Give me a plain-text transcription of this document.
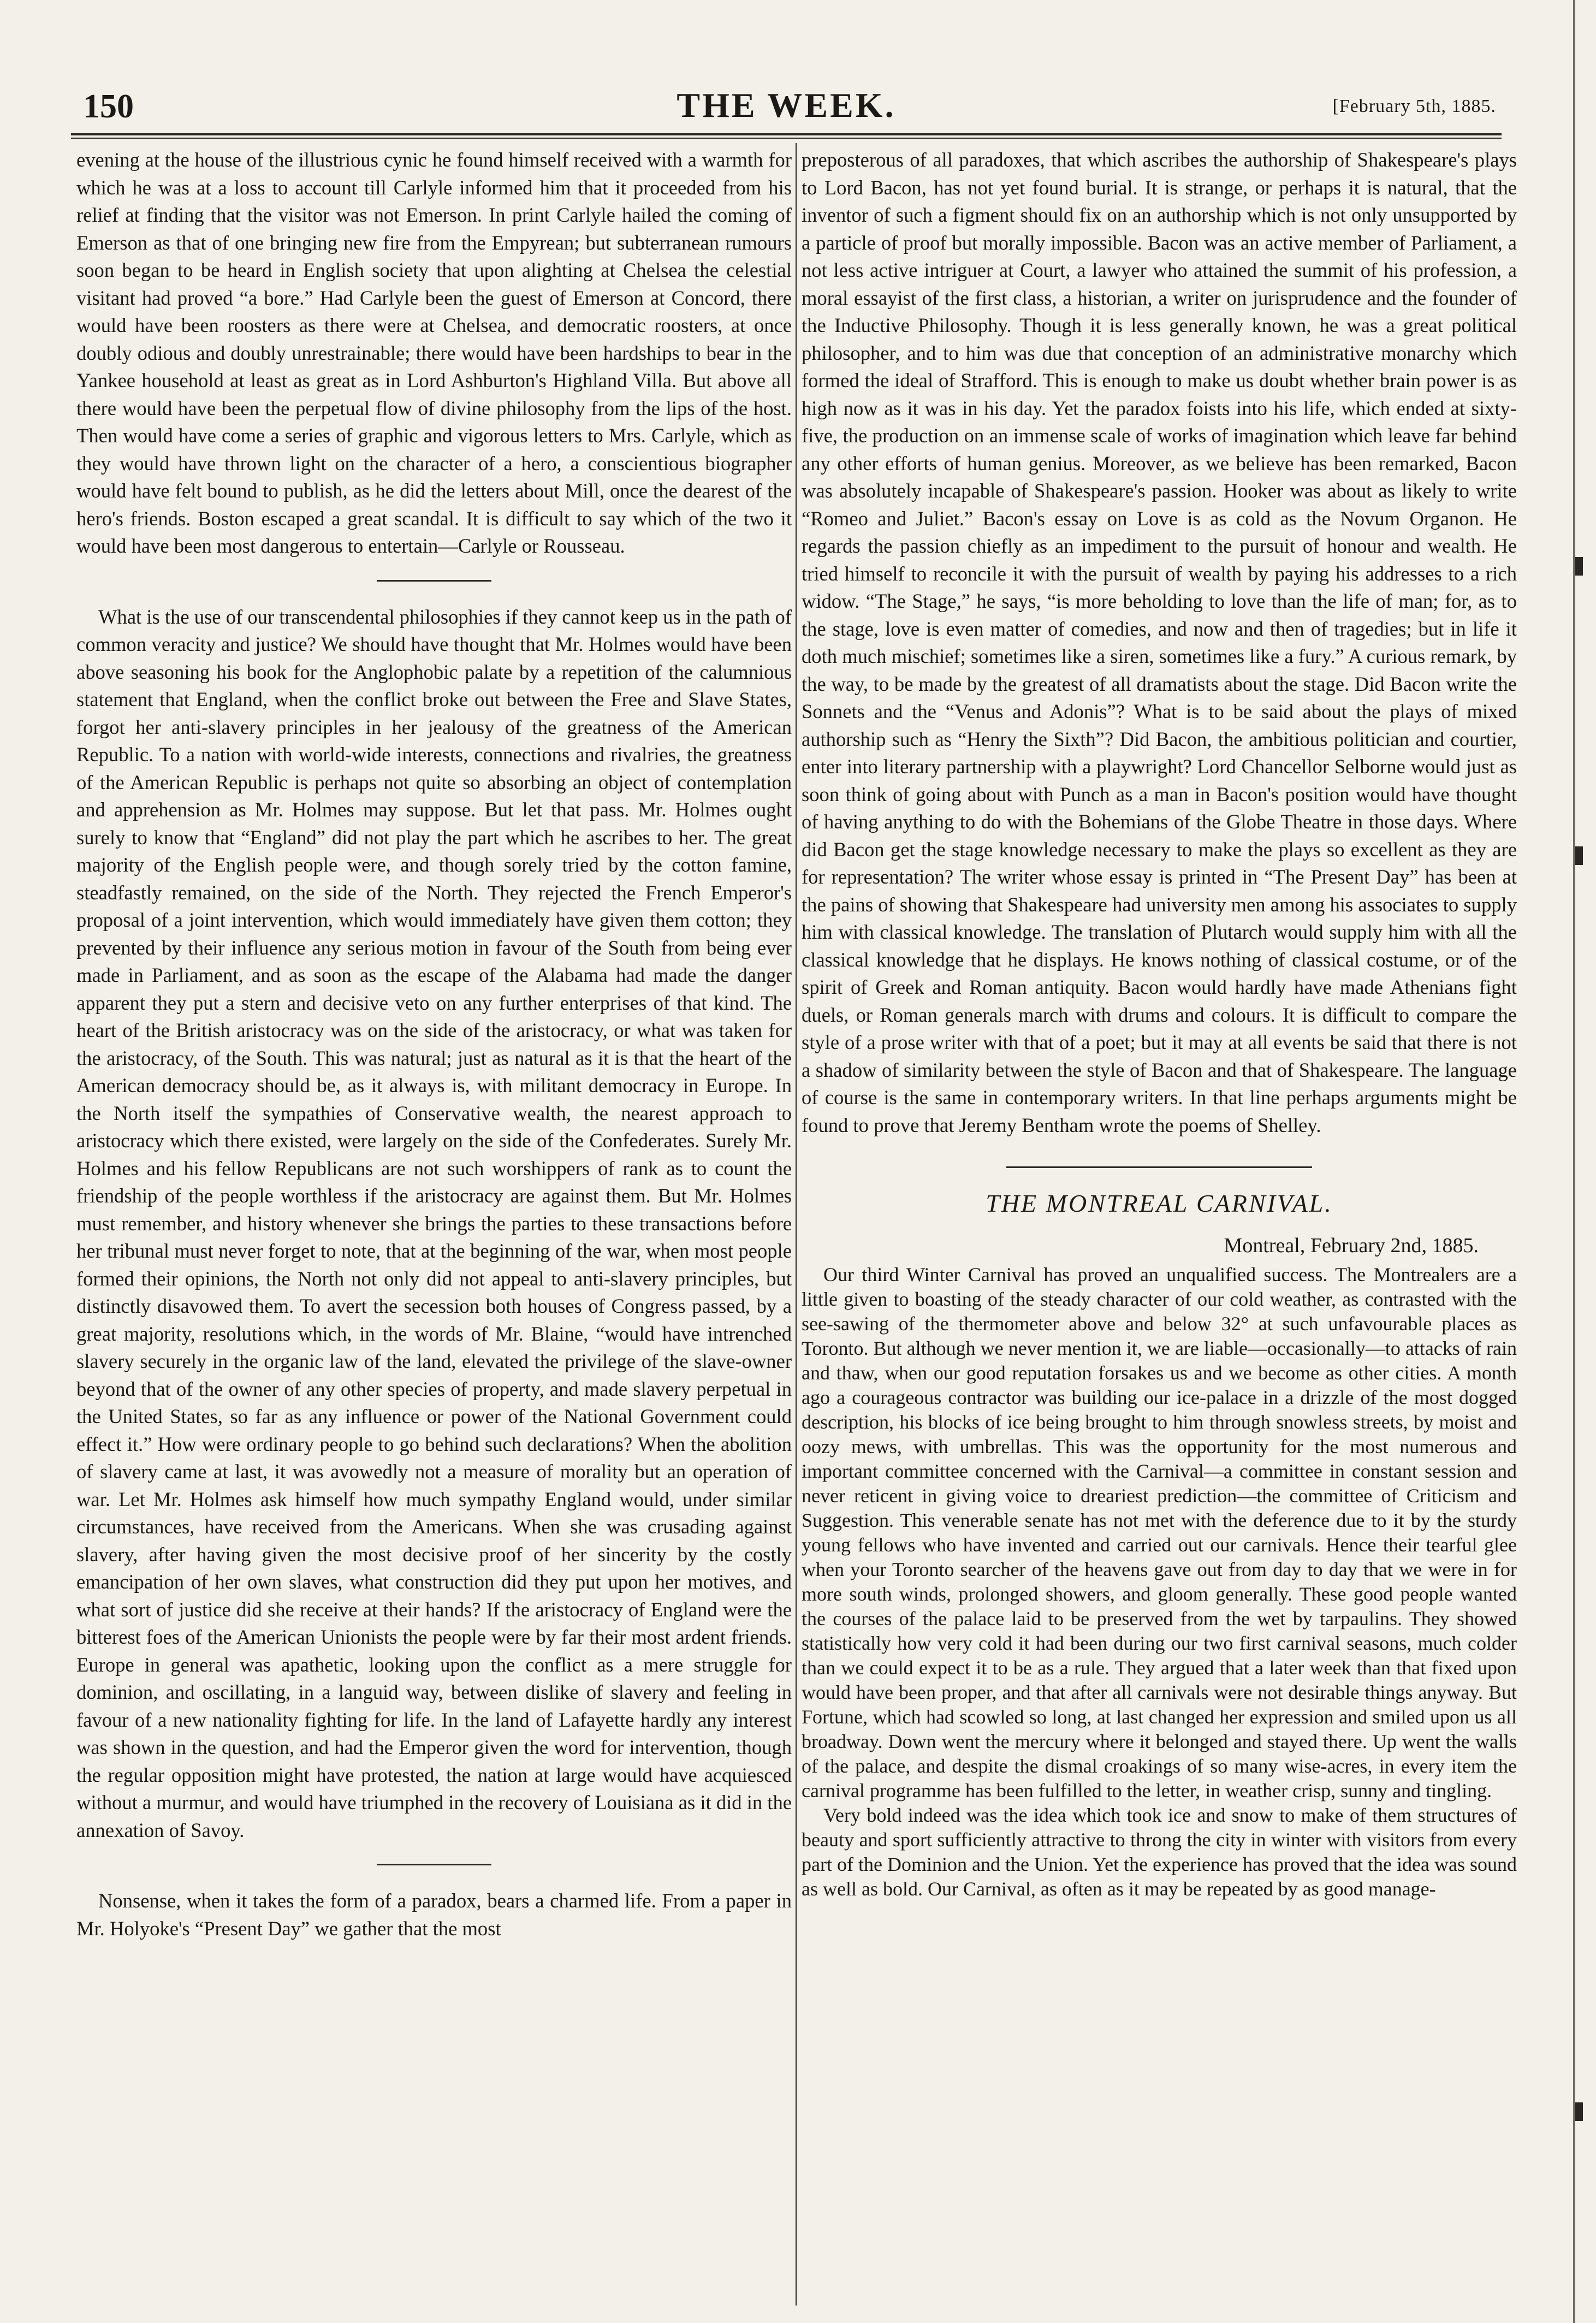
150	THE WEEK.	[February 5th, 1885.

evening at the house of the illustrious cynic he found himself received with a warmth for which he was at a loss to account till Carlyle informed him that it proceeded from his relief at finding that the visitor was not Emerson. In print Carlyle hailed the coming of Emerson as that of one bringing new fire from the Empyrean; but subterranean rumours soon began to be heard in English society that upon alighting at Chelsea the celestial visitant had proved “a bore.” Had Carlyle been the guest of Emerson at Concord, there would have been roosters as there were at Chelsea, and democratic roosters, at once doubly odious and doubly unrestrainable; there would have been hardships to bear in the Yankee household at least as great as in Lord Ashburton's Highland Villa. But above all there would have been the perpetual flow of divine philosophy from the lips of the host. Then would have come a series of graphic and vigorous letters to Mrs. Carlyle, which as they would have thrown light on the character of a hero, a conscientious biographer would have felt bound to publish, as he did the letters about Mill, once the dearest of the hero's friends. Boston escaped a great scandal. It is difficult to say which of the two it would have been most dangerous to entertain—Carlyle or Rousseau.

What is the use of our transcendental philosophies if they cannot keep us in the path of common veracity and justice? We should have thought that Mr. Holmes would have been above seasoning his book for the Anglophobic palate by a repetition of the calumnious statement that England, when the conflict broke out between the Free and Slave States, forgot her anti-slavery principles in her jealousy of the greatness of the American Republic. To a nation with world-wide interests, connections and rivalries, the greatness of the American Republic is perhaps not quite so absorbing an object of contemplation and apprehension as Mr. Holmes may suppose. But let that pass. Mr. Holmes ought surely to know that “England” did not play the part which he ascribes to her. The great majority of the English people were, and though sorely tried by the cotton famine, steadfastly remained, on the side of the North. They rejected the French Emperor's proposal of a joint intervention, which would immediately have given them cotton; they prevented by their influence any serious motion in favour of the South from being ever made in Parliament, and as soon as the escape of the Alabama had made the danger apparent they put a stern and decisive veto on any further enterprises of that kind. The heart of the British aristocracy was on the side of the aristocracy, or what was taken for the aristocracy, of the South. This was natural; just as natural as it is that the heart of the American democracy should be, as it always is, with militant democracy in Europe. In the North itself the sympathies of Conservative wealth, the nearest approach to aristocracy which there existed, were largely on the side of the Confederates. Surely Mr. Holmes and his fellow Republicans are not such worshippers of rank as to count the friendship of the people worthless if the aristocracy are against them. But Mr. Holmes must remember, and history whenever she brings the parties to these transactions before her tribunal must never forget to note, that at the beginning of the war, when most people formed their opinions, the North not only did not appeal to anti-slavery principles, but distinctly disavowed them. To avert the secession both houses of Congress passed, by a great majority, resolutions which, in the words of Mr. Blaine, “would have intrenched slavery securely in the organic law of the land, elevated the privilege of the slave-owner beyond that of the owner of any other species of property, and made slavery perpetual in the United States, so far as any influence or power of the National Government could effect it.” How were ordinary people to go behind such declarations? When the abolition of slavery came at last, it was avowedly not a measure of morality but an operation of war. Let Mr. Holmes ask himself how much sympathy England would, under similar circumstances, have received from the Americans. When she was crusading against slavery, after having given the most decisive proof of her sincerity by the costly emancipation of her own slaves, what construction did they put upon her motives, and what sort of justice did she receive at their hands? If the aristocracy of England were the bitterest foes of the American Unionists the people were by far their most ardent friends. Europe in general was apathetic, looking upon the conflict as a mere struggle for dominion, and oscillating, in a languid way, between dislike of slavery and feeling in favour of a new nationality fighting for life. In the land of Lafayette hardly any interest was shown in the question, and had the Emperor given the word for intervention, though the regular opposition might have protested, the nation at large would have acquiesced without a murmur, and would have triumphed in the recovery of Louisiana as it did in the annexation of Savoy.

Nonsense, when it takes the form of a paradox, bears a charmed life. From a paper in Mr. Holyoke's “Present Day” we gather that the most

preposterous of all paradoxes, that which ascribes the authorship of Shakespeare's plays to Lord Bacon, has not yet found burial. It is strange, or perhaps it is natural, that the inventor of such a figment should fix on an authorship which is not only unsupported by a particle of proof but morally impossible. Bacon was an active member of Parliament, a not less active intriguer at Court, a lawyer who attained the summit of his profession, a moral essayist of the first class, a historian, a writer on jurisprudence and the founder of the Inductive Philosophy. Though it is less generally known, he was a great political philosopher, and to him was due that conception of an administrative monarchy which formed the ideal of Strafford. This is enough to make us doubt whether brain power is as high now as it was in his day. Yet the paradox foists into his life, which ended at sixty-five, the production on an immense scale of works of imagination which leave far behind any other efforts of human genius. Moreover, as we believe has been remarked, Bacon was absolutely incapable of Shakespeare's passion. Hooker was about as likely to write “Romeo and Juliet.” Bacon's essay on Love is as cold as the Novum Organon. He regards the passion chiefly as an impediment to the pursuit of honour and wealth. He tried himself to reconcile it with the pursuit of wealth by paying his addresses to a rich widow. “The Stage,” he says, “is more beholding to love than the life of man; for, as to the stage, love is even matter of comedies, and now and then of tragedies; but in life it doth much mischief; sometimes like a siren, sometimes like a fury.” A curious remark, by the way, to be made by the greatest of all dramatists about the stage. Did Bacon write the Sonnets and the “Venus and Adonis”? What is to be said about the plays of mixed authorship such as “Henry the Sixth”? Did Bacon, the ambitious politician and courtier, enter into literary partnership with a playwright? Lord Chancellor Selborne would just as soon think of going about with Punch as a man in Bacon's position would have thought of having anything to do with the Bohemians of the Globe Theatre in those days. Where did Bacon get the stage knowledge necessary to make the plays so excellent as they are for representation? The writer whose essay is printed in “The Present Day” has been at the pains of showing that Shakespeare had university men among his associates to supply him with classical knowledge. The translation of Plutarch would supply him with all the classical knowledge that he displays. He knows nothing of classical costume, or of the spirit of Greek and Roman antiquity. Bacon would hardly have made Athenians fight duels, or Roman generals march with drums and colours. It is difficult to compare the style of a prose writer with that of a poet; but it may at all events be said that there is not a shadow of similarity between the style of Bacon and that of Shakespeare. The language of course is the same in contemporary writers. In that line perhaps arguments might be found to prove that Jeremy Bentham wrote the poems of Shelley.

THE MONTREAL CARNIVAL.
Montreal, February 2nd, 1885.

Our third Winter Carnival has proved an unqualified success. The Montrealers are a little given to boasting of the steady character of our cold weather, as contrasted with the see-sawing of the thermometer above and below 32° at such unfavourable places as Toronto. But although we never mention it, we are liable—occasionally—to attacks of rain and thaw, when our good reputation forsakes us and we become as other cities. A month ago a courageous contractor was building our ice-palace in a drizzle of the most dogged description, his blocks of ice being brought to him through snowless streets, by moist and oozy mews, with umbrellas. This was the opportunity for the most numerous and important committee concerned with the Carnival—a committee in constant session and never reticent in giving voice to dreariest prediction—the committee of Criticism and Suggestion. This venerable senate has not met with the deference due to it by the sturdy young fellows who have invented and carried out our carnivals. Hence their tearful glee when your Toronto searcher of the heavens gave out from day to day that we were in for more south winds, prolonged showers, and gloom generally. These good people wanted the courses of the palace laid to be preserved from the wet by tarpaulins. They showed statistically how very cold it had been during our two first carnival seasons, much colder than we could expect it to be as a rule. They argued that a later week than that fixed upon would have been proper, and that after all carnivals were not desirable things anyway. But Fortune, which had scowled so long, at last changed her expression and smiled upon us all broadway. Down went the mercury where it belonged and stayed there. Up went the walls of the palace, and despite the dismal croakings of so many wise-acres, in every item the carnival programme has been fulfilled to the letter, in weather crisp, sunny and tingling.

Very bold indeed was the idea which took ice and snow to make of them structures of beauty and sport sufficiently attractive to throng the city in winter with visitors from every part of the Dominion and the Union. Yet the experience has proved that the idea was sound as well as bold. Our Carnival, as often as it may be repeated by as good manage-
